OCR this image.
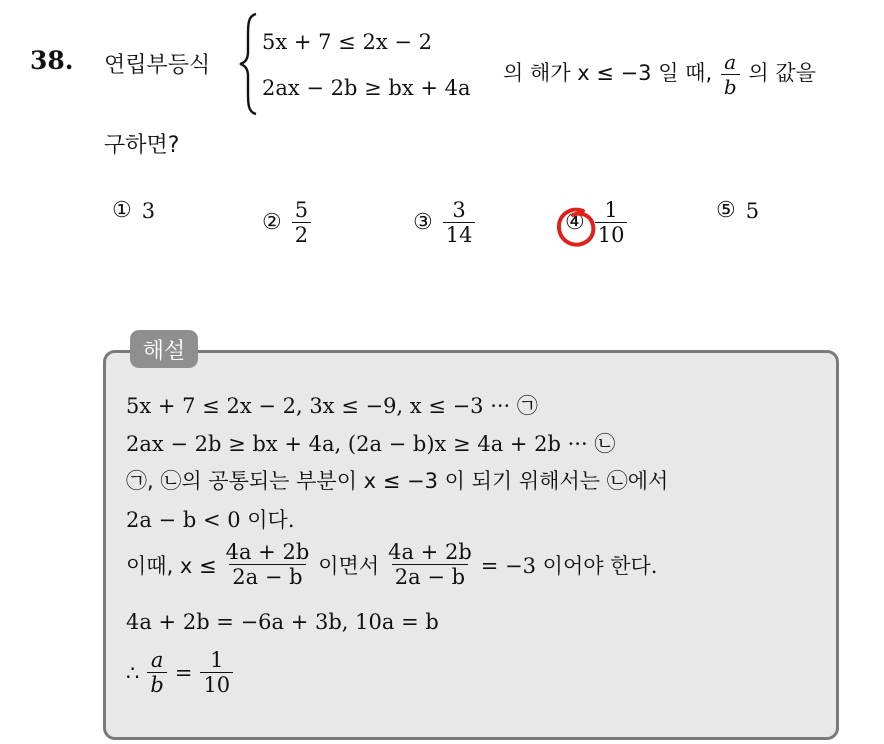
38. 연립부등식
5x + 7 ≤ 2x − 2
2ax − 2b ≥ bx + 4a
의 해가 x ≤ −3 일 때, $\frac{a}{b}$ 의 값을
구하면?
① 3	② $\frac{5}{2}$	③ $\frac{3}{14}$	④ $\frac{1}{10}$	⑤ 5
해설
5x + 7 ≤ 2x − 2, 3x ≤ −9, x ≤ −3 ··· ㉠
2ax − 2b ≥ bx + 4a, (2a − b)x ≥ 4a + 2b ··· ㉡
㉠, ㉡의 공통되는 부분이 x ≤ −3 이 되기 위해서는 ㉡에서
2a − b < 0 이다.
이때, $x \le \frac{4a + 2b}{2a - b}$ 이면서 $\frac{4a + 2b}{2a - b} = -3$ 이어야 한다.
4a + 2b = −6a + 3b, 10a = b
∴ $\frac{a}{b} = \frac{1}{10}$
